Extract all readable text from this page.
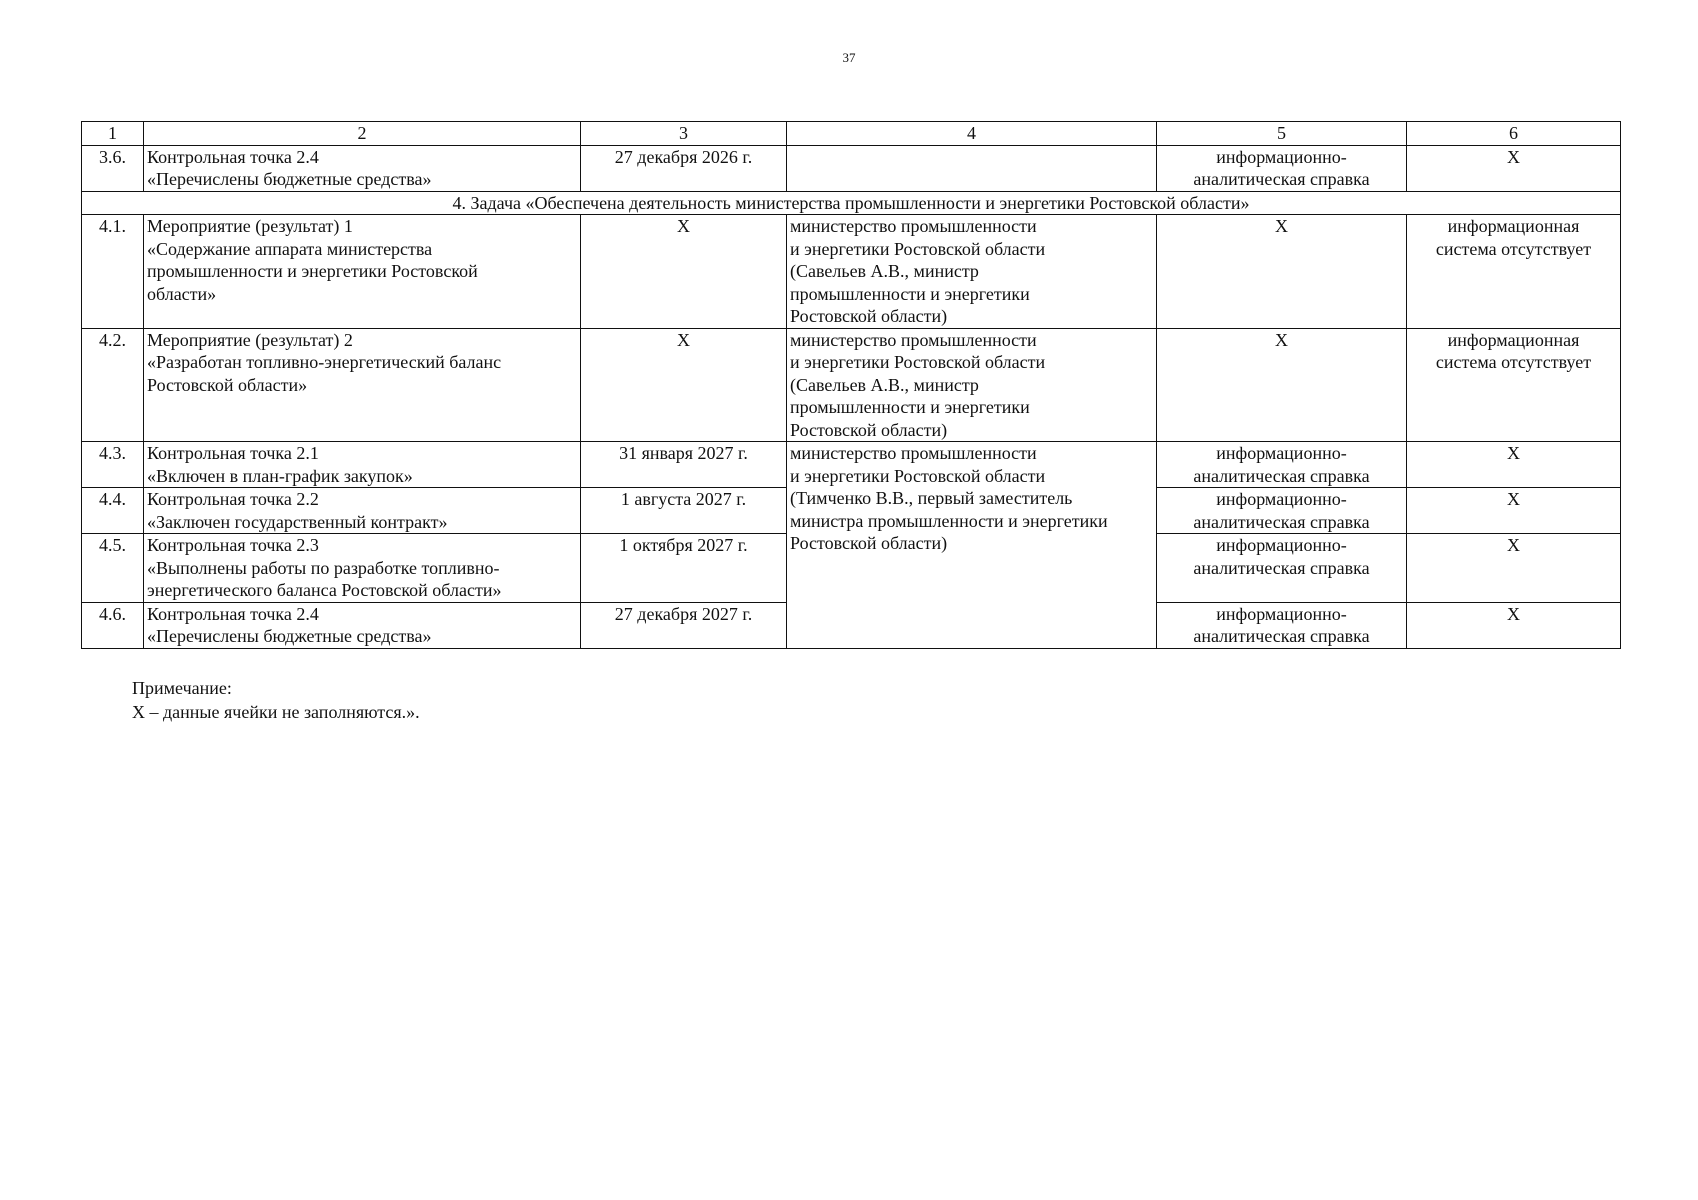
37
1	2	3	4	5	6
3.6.	Контрольная точка 2.4
«Перечислены бюджетные средства»	27 декабря 2026 г.		информационно-
аналитическая справка	Х
4. Задача «Обеспечена деятельность министерства промышленности и энергетики Ростовской области»					
4.1.	Мероприятие (результат) 1
«Содержание аппарата министерства
промышленности и энергетики Ростовской
области»	Х	министерство промышленности
и энергетики Ростовской области
(Савельев А.В., министр
промышленности и энергетики
Ростовской области)	Х	информационная
система отсутствует
4.2.	Мероприятие (результат) 2
«Разработан топливно-энергетический баланс
Ростовской области»	Х	министерство промышленности
и энергетики Ростовской области
(Савельев А.В., министр
промышленности и энергетики
Ростовской области)	Х	информационная
система отсутствует
4.3.	Контрольная точка 2.1
«Включен в план-график закупок»	31 января 2027 г.	министерство промышленности
и энергетики Ростовской области
(Тимченко В.В., первый заместитель
министра промышленности и энергетики
Ростовской области)	информационно-
аналитическая справка	Х
4.4.	Контрольная точка 2.2
«Заключен государственный контракт»	1 августа 2027 г.		информационно-
аналитическая справка	Х
4.5.	Контрольная точка 2.3
«Выполнены работы по разработке топливно-
энергетического баланса Ростовской области»	1 октября 2027 г.		информационно-
аналитическая справка	Х
4.6.	Контрольная точка 2.4
«Перечислены бюджетные средства»	27 декабря 2027 г.		информационно-
аналитическая справка	Х
Примечание:
Х – данные ячейки не заполняются.».
